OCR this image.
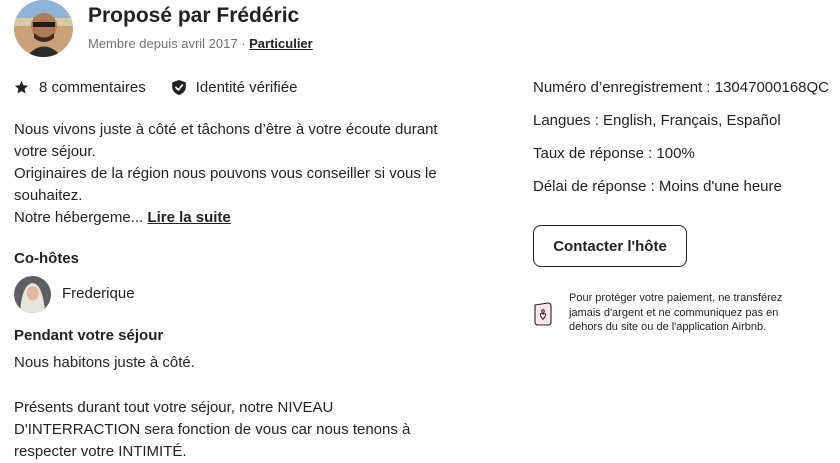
Proposé par Frédéric
Membre depuis avril 2017 · Particulier
8 commentaires	Identité vérifiée

Nous vivons juste à côté et tâchons d’être à votre écoute durant votre séjour.

Originaires de la région nous pouvons vous conseiller si vous le souhaitez.

Notre hébergeme... Lire la suite

Co-hôtes
Frederique
Pendant votre séjour
Nous habitons juste à côté.
Présents durant tout votre séjour, notre NIVEAU D'INTERRACTION sera fonction de vous car nous tenons à respecter votre INTIMITÉ.
Numéro d’enregistrement : 13047000168QC
Langues : English, Français, Español
Taux de réponse : 100%
Délai de réponse : Moins d'une heure
Contacter l'hôte
Pour protéger votre paiement, ne transférez jamais d'argent et ne communiquez pas en dehors du site ou de l'application Airbnb.
